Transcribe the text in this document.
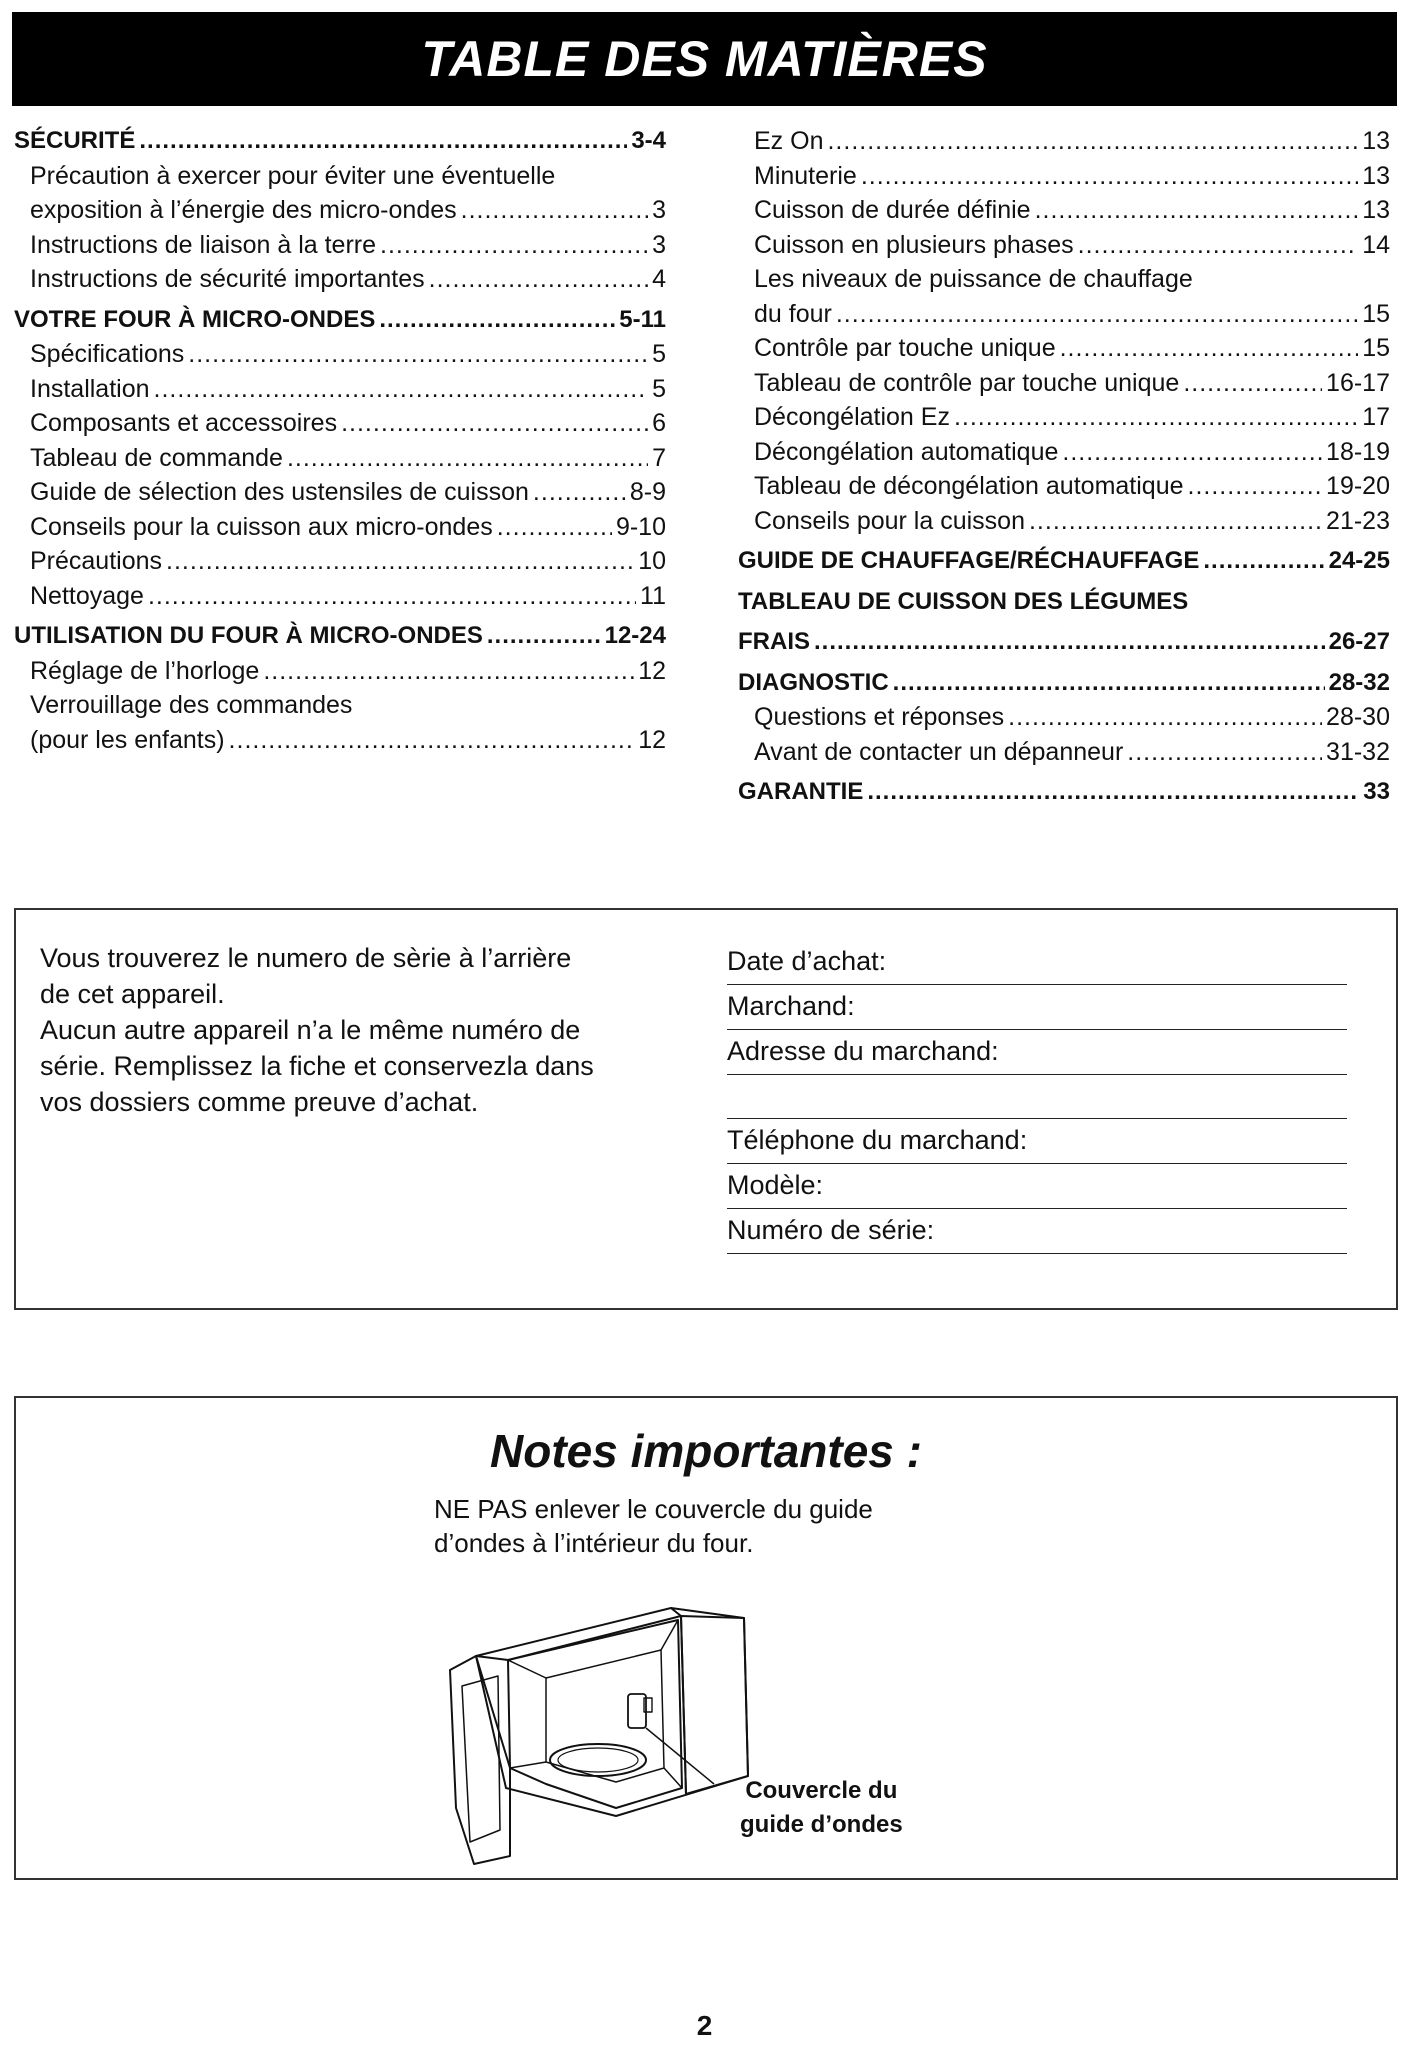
TABLE DES MATIÈRES
SÉCURITÉ .....	3-4
Précaution à exercer pour éviter une éventuelle
exposition à l’énergie des micro-ondes .....	3
Instructions de liaison à la terre .....	3
Instructions de sécurité importantes .....	4
VOTRE FOUR À MICRO-ONDES .....	5-11
Spécifications .....	5
Installation .....	5
Composants et accessoires .....	6
Tableau de commande .....	7
Guide de sélection des ustensiles de cuisson .....	8-9
Conseils pour la cuisson aux micro-ondes .....	9-10
Précautions .....	10
Nettoyage .....	11
UTILISATION DU FOUR À MICRO-ONDES .....	12-24
Réglage de l’horloge .....	12
Verrouillage des commandes
(pour les enfants) .....	12
Ez On .....	13
Minuterie .....	13
Cuisson de durée définie .....	13
Cuisson en plusieurs phases .....	14
Les niveaux de puissance de chauffage
du four .....	15
Contrôle par touche unique .....	15
Tableau de contrôle par touche unique .....	16-17
Décongélation Ez .....	17
Décongélation automatique .....	18-19
Tableau de décongélation automatique .....	19-20
Conseils pour la cuisson .....	21-23
GUIDE DE CHAUFFAGE/RÉCHAUFFAGE .....	24-25
TABLEAU DE CUISSON DES LÉGUMES
FRAIS .....	26-27
DIAGNOSTIC .....	28-32
Questions et réponses .....	28-30
Avant de contacter un dépanneur .....	31-32
GARANTIE .....	33

Vous trouverez le numero de sèrie à l’arrière

de cet appareil.

Aucun autre appareil n’a le même numéro de

série. Remplissez la fiche et conservezla dans

vos dossiers comme preuve d’achat.

Date d’achat:
Marchand:
Adresse du marchand:
Téléphone du marchand:
Modèle:
Numéro de série:
Notes importantes :

NE PAS enlever le couvercle du guide

d’ondes à l’intérieur du four.

Couvercle du
guide d’ondes
2
